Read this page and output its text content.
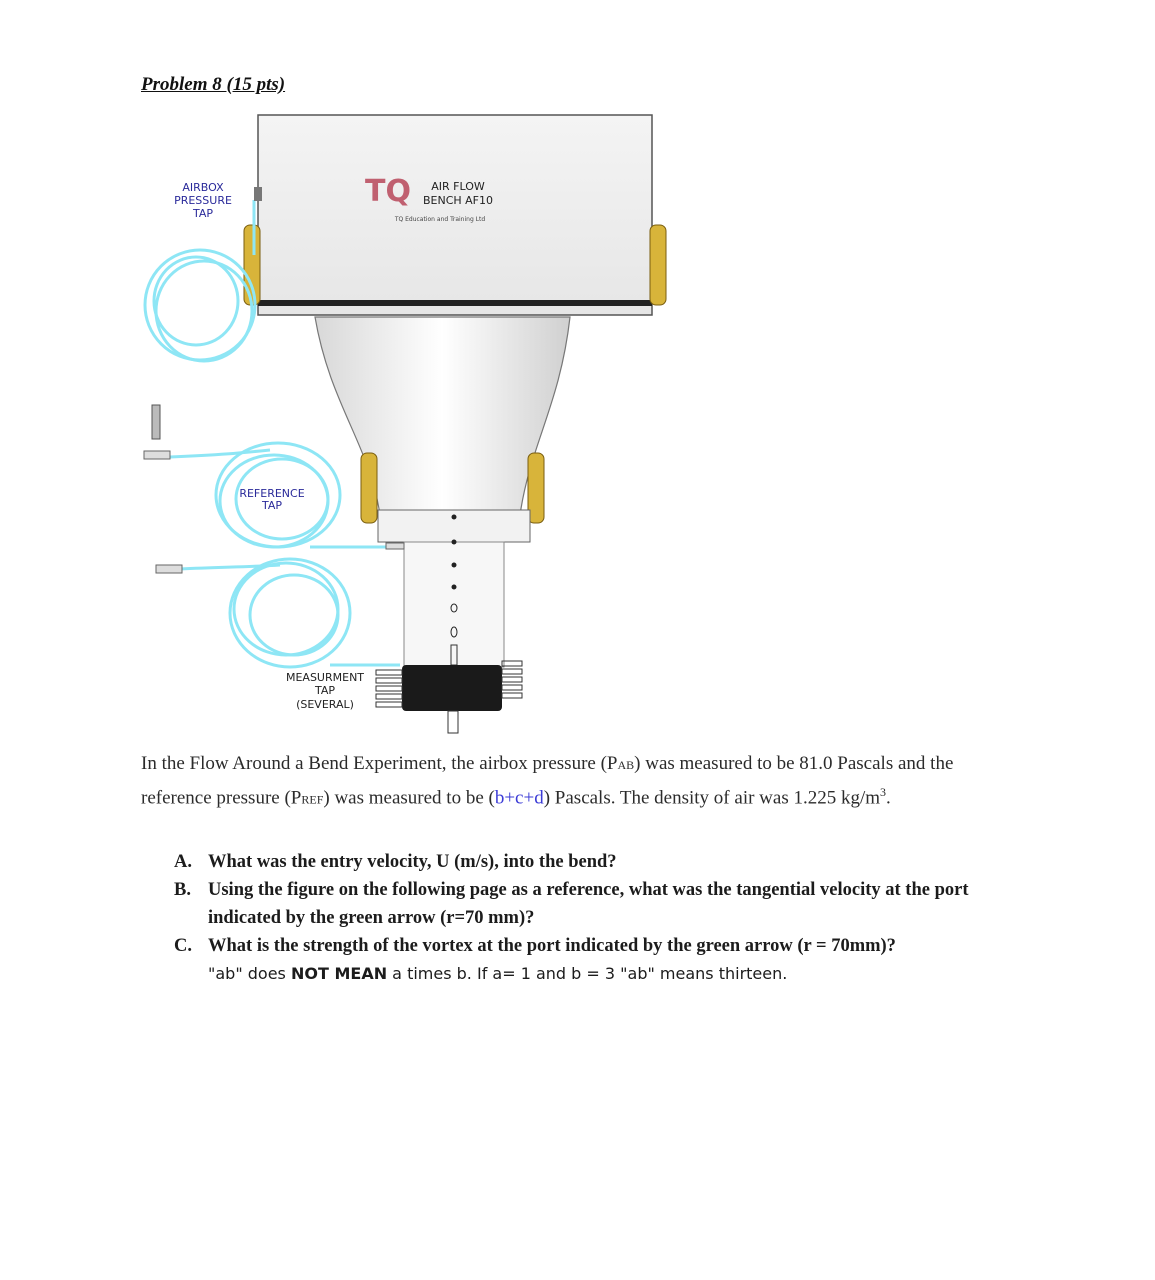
Problem 8 (15 pts)
TQ AIR FLOW
BENCH AF10
TQ Education and Training Ltd
AIRBOX
PRESSURE
TAP
REFERENCE
TAP
MEASURMENT
TAP
(SEVERAL)
In the Flow Around a Bend Experiment, the airbox pressure (PAB) was measured to be 81.0 Pascals and the reference pressure (PREF) was measured to be (b+c+d) Pascals. The density of air was 1.225 $kg/m^3$.
A. What was the entry velocity, U (m/s), into the bend?
B. Using the figure on the following page as a reference, what was the tangential velocity at the port indicated by the green arrow (r=70 mm)?
C. What is the strength of the vortex at the port indicated by the green arrow (r = 70mm)?
"ab" does NOT MEAN a times b. If a= 1 and b = 3 "ab" means thirteen.
